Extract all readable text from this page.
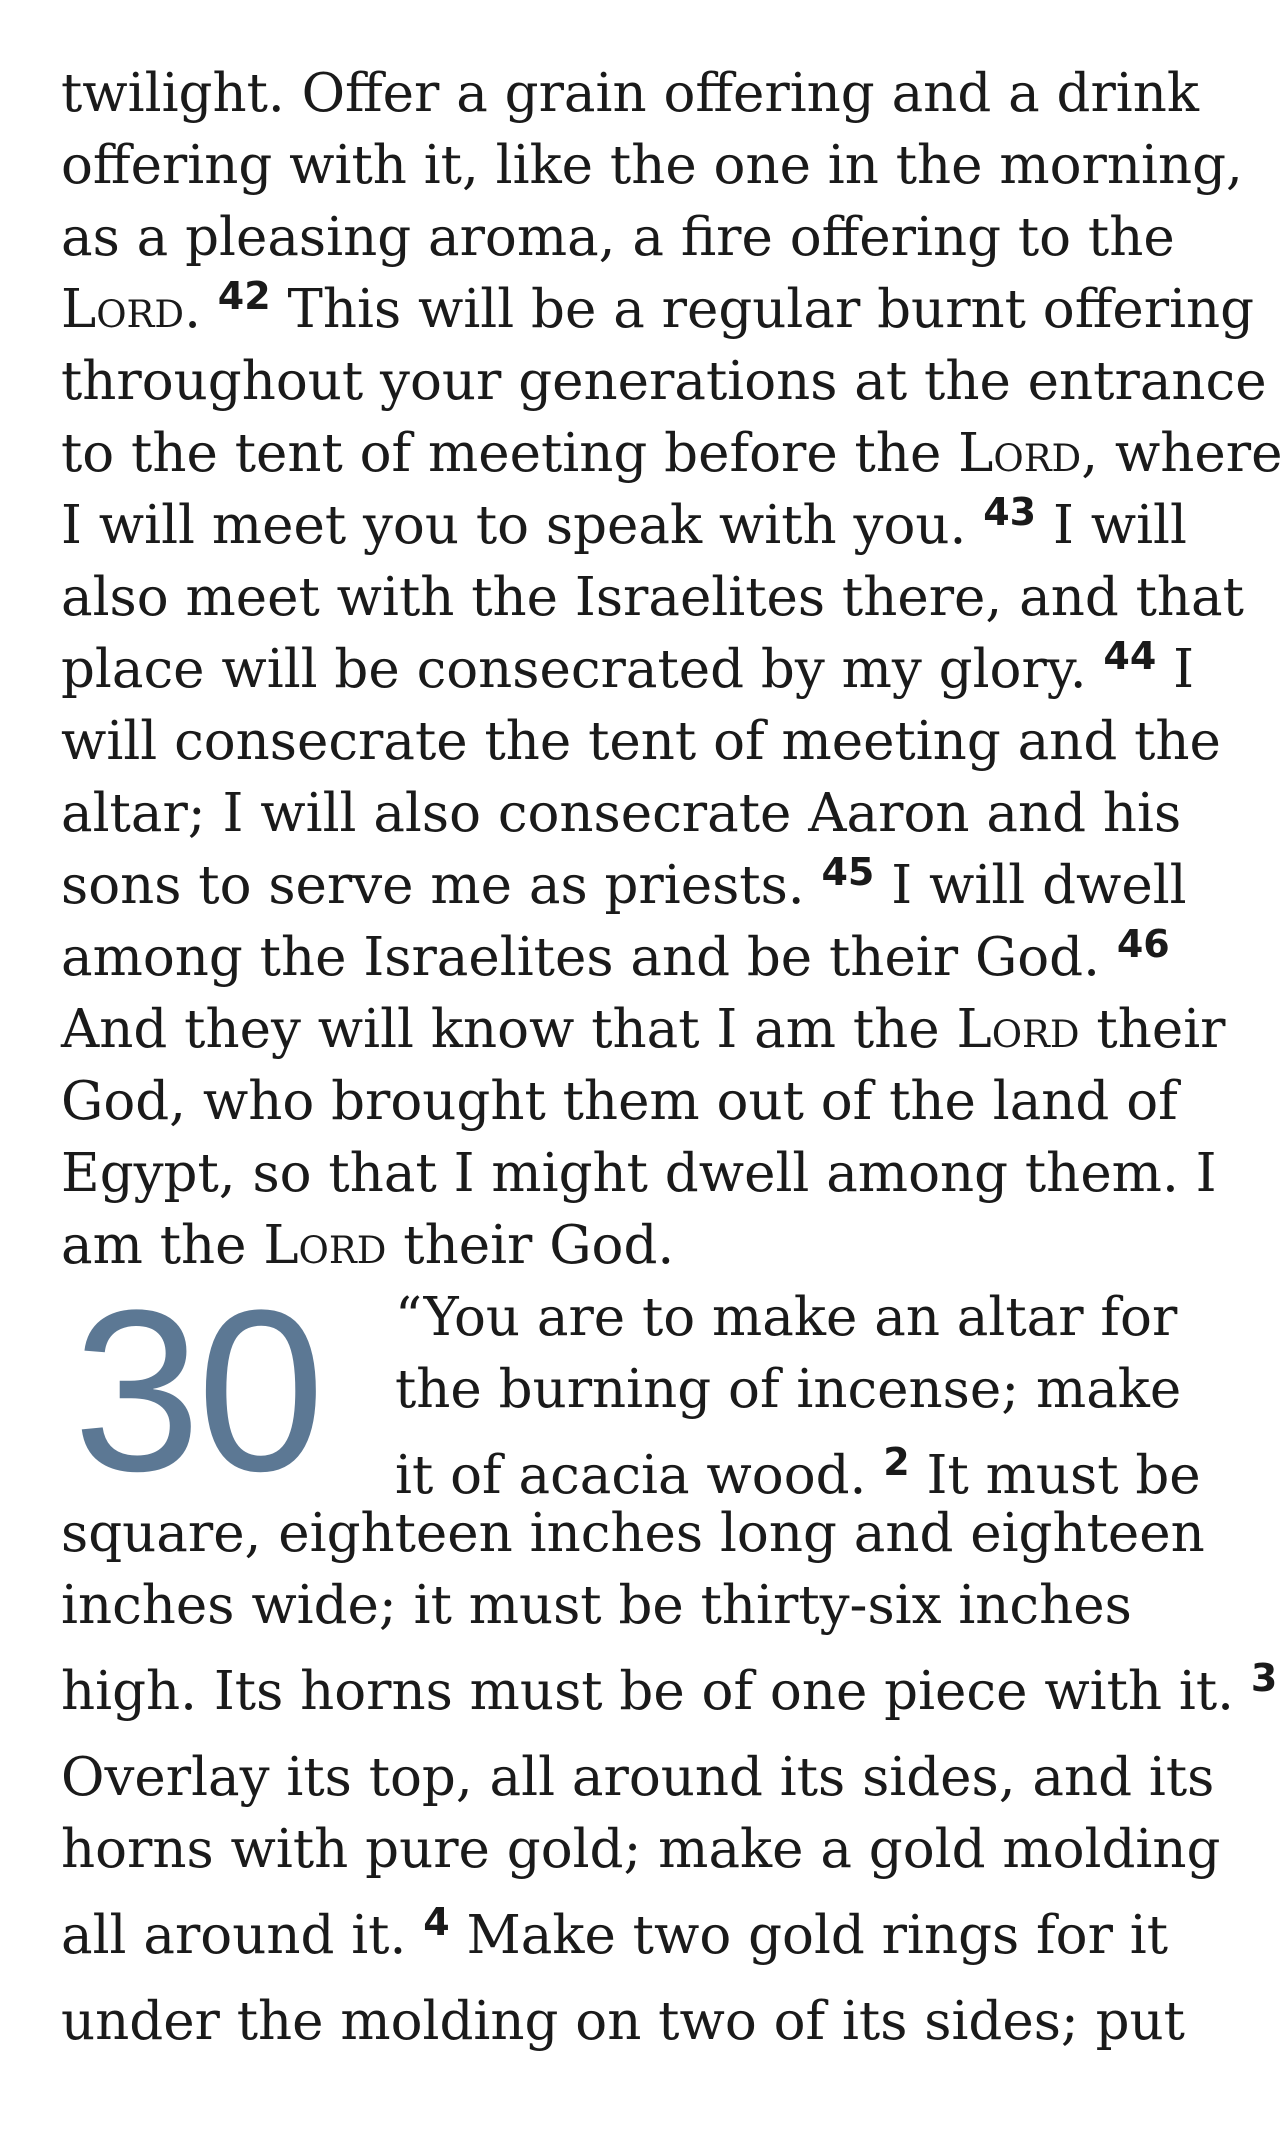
twilight. Offer a grain offering and a drink
offering with it, like the one in the morning,
as a pleasing aroma, a fire offering to the
Lord. $^{42}$ This will be a regular burnt offering
throughout your generations at the entrance
to the tent of meeting before the Lord, where
I will meet you to speak with you. $^{43}$ I will
also meet with the Israelites there, and that
place will be consecrated by my glory. $^{44}$ I
will consecrate the tent of meeting and the
altar; I will also consecrate Aaron and his
sons to serve me as priests. $^{45}$ I will dwell
among the Israelites and be their God. $^{46}$
And they will know that I am the Lord their
God, who brought them out of the land of
Egypt, so that I might dwell among them. I
am the Lord their God.
30 “You are to make an altar for
the burning of incense; make
it of acacia wood. $^2$ It must be
square, eighteen inches long and eighteen
inches wide; it must be thirty-six inches
high. Its horns must be of one piece with it. $^3$
Overlay its top, all around its sides, and its
horns with pure gold; make a gold molding
all around it. $^4$ Make two gold rings for it
under the molding on two of its sides; put
